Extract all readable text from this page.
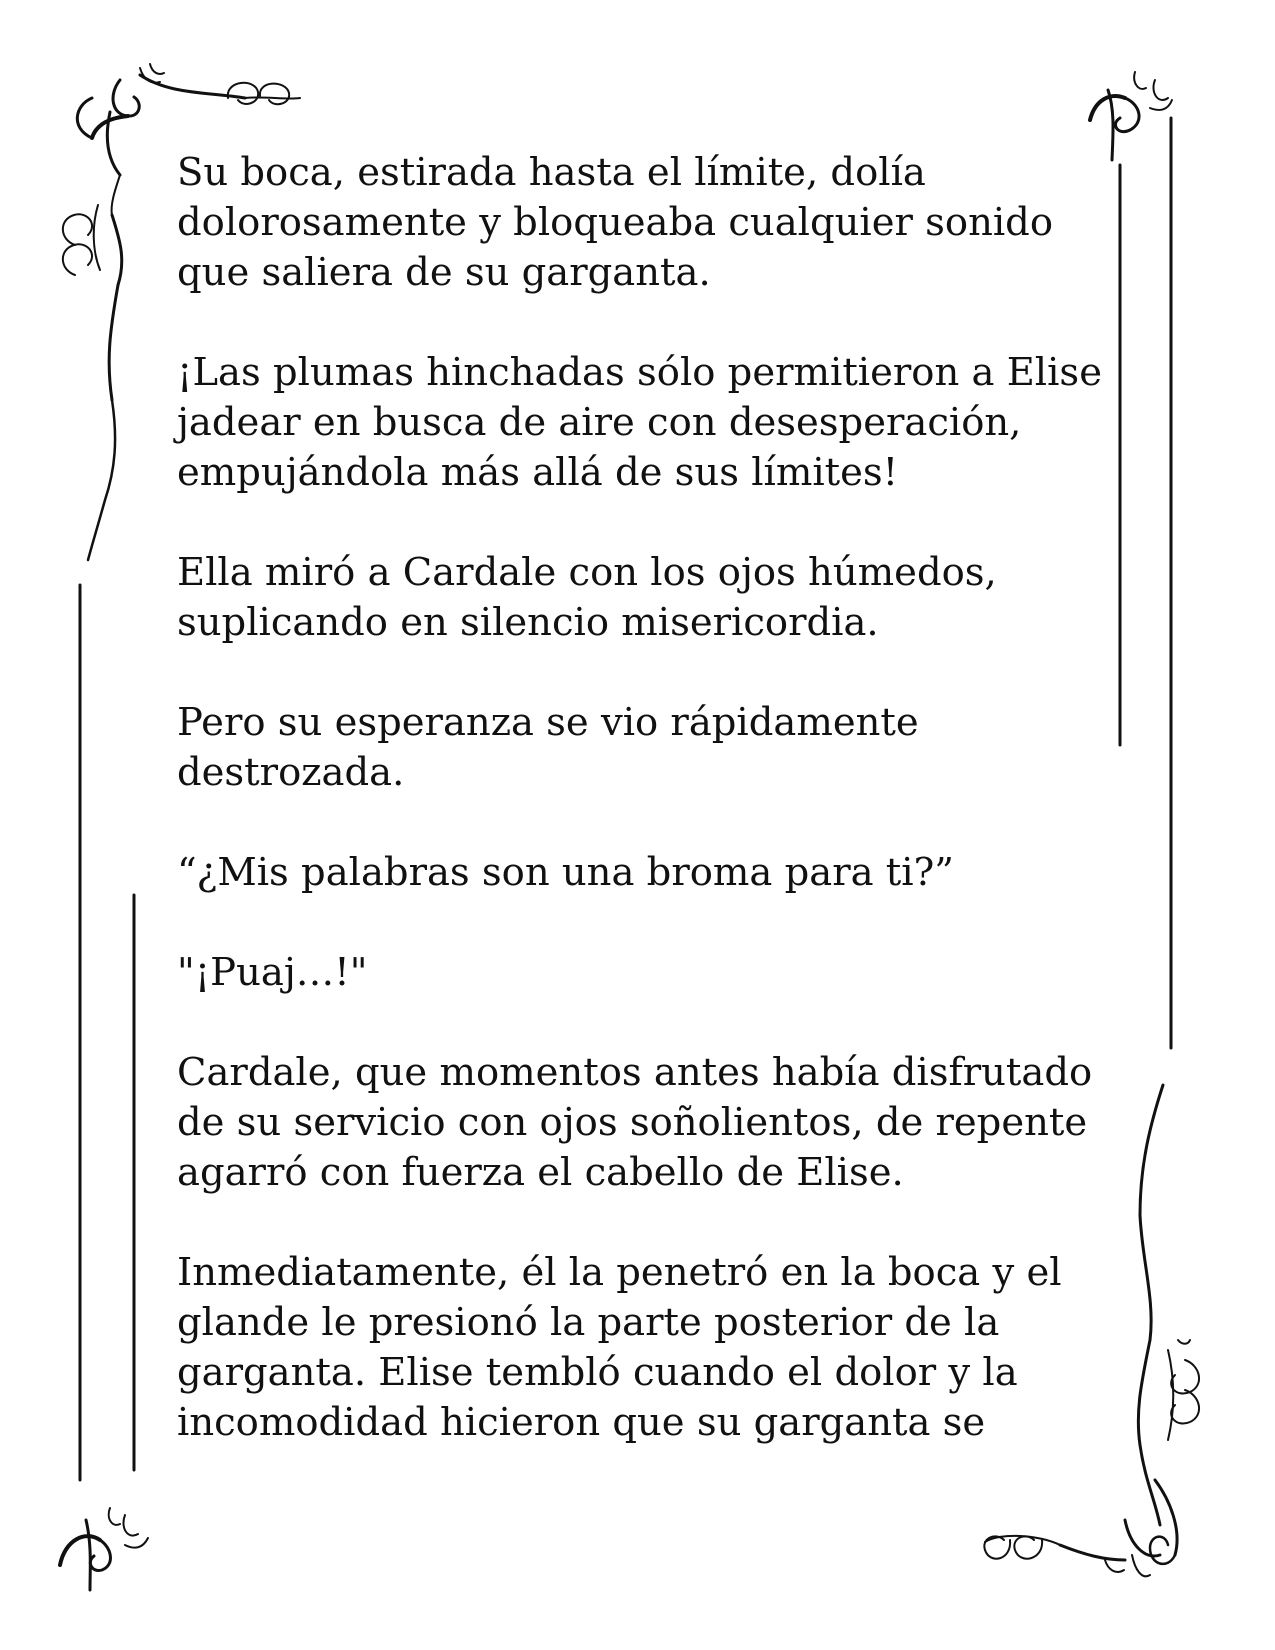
Su boca, estirada hasta el límite, dolía
dolorosamente y bloqueaba cualquier sonido
que saliera de su garganta.

¡Las plumas hinchadas sólo permitieron a Elise
jadear en busca de aire con desesperación,
empujándola más allá de sus límites!

Ella miró a Cardale con los ojos húmedos,
suplicando en silencio misericordia.

Pero su esperanza se vio rápidamente
destrozada.

“¿Mis palabras son una broma para ti?”

"¡Puaj…!"

Cardale, que momentos antes había disfrutado
de su servicio con ojos soñolientos, de repente
agarró con fuerza el cabello de Elise.

Inmediatamente, él la penetró en la boca y el
glande le presionó la parte posterior de la
garganta. Elise tembló cuando el dolor y la
incomodidad hicieron que su garganta se
